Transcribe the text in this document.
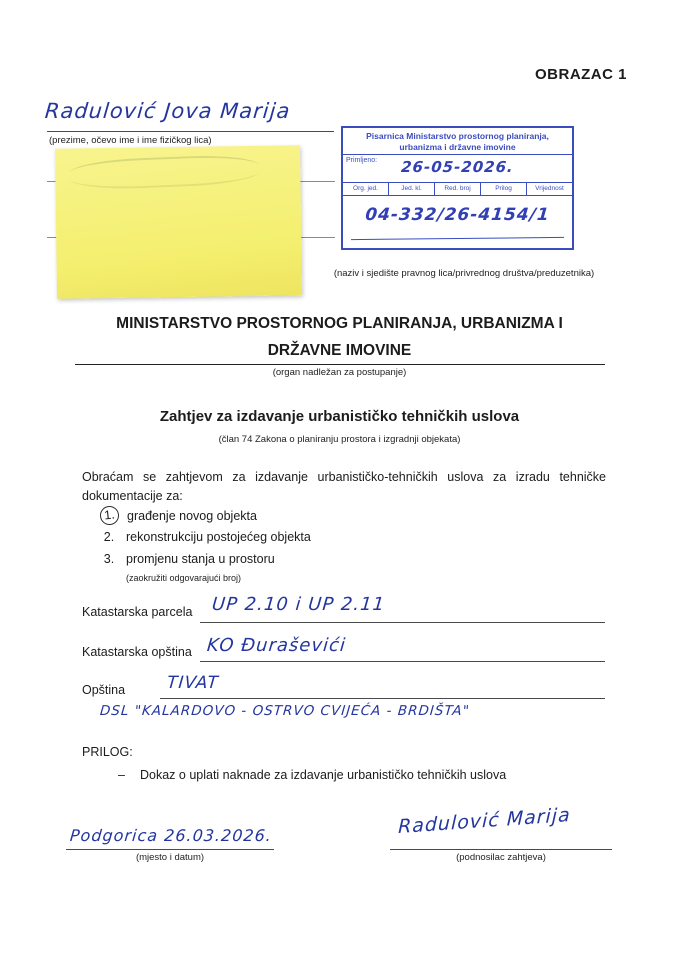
OBRAZAC 1
Radulović Jova Marija
(prezime, očevo ime i ime fizičkog lica)	Pisarnica Ministarstvo prostornog planiranja,
urbanizma i državne imovine
Primljeno:	26-05-2026.
Org. jed.	Jed. kl.	Red. broj	Prilog	Vrijednost
04-332/26-4154/1
(naziv i sjedište pravnog lica/privrednog društva/preduzetnika)
MINISTARSTVO PROSTORNOG PLANIRANJA, URBANIZMA I
DRŽAVNE IMOVINE
(organ nadležan za postupanje)
Zahtjev za izdavanje urbanističko tehničkih uslova
(član 74 Zakona o planiranju prostora i izgradnji objekata)
Obraćam se zahtjevom za izdavanje urbanističko-tehničkih uslova za izradu tehničke dokumentacije za:
1. građenje novog objekta
2. rekonstrukciju postojećeg objekta
3. promjenu stanja u prostoru
(zaokružiti odgovarajući broj)
Katastarska parcela UP 2.10 i UP 2.11
Katastarska opština KO Đuraševići
Opština TIVAT
DSL "KALARDOVO - OSTRVO CVIJEĆA - BRDIŠTA"
PRILOG:
– Dokaz o uplati naknade za izdavanje urbanističko tehničkih uslova
Podgorica 26.03.2026.
(mjesto i datum)
Radulović Marija
(podnosilac zahtjeva)
